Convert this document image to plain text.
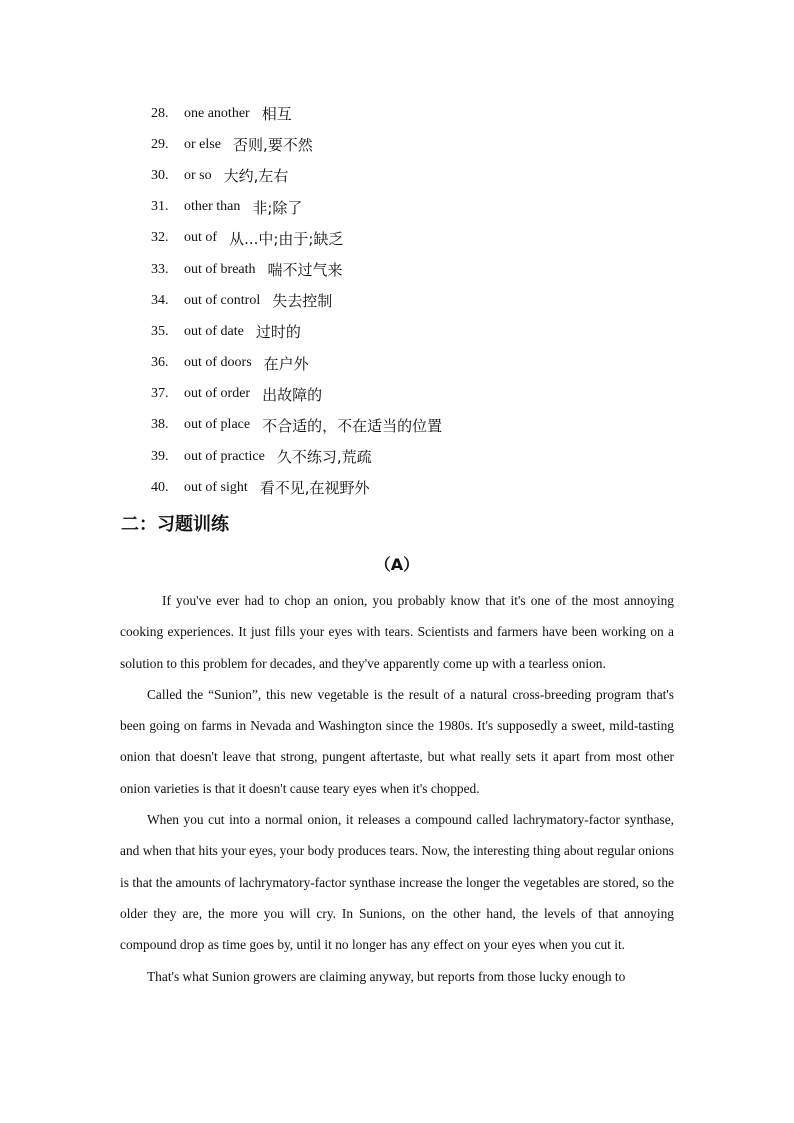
28.	one another 相互
29.	or else 否则,要不然
30.	or so 大约,左右
31.	other than 非;除了
32.	out of 从...中;由于;缺乏
33.	out of breath 喘不过气来
34.	out of control 失去控制
35.	out of date 过时的
36.	out of doors 在户外
37.	out of order 出故障的
38.	out of place 不合适的，不在适当的位置
39.	out of practice 久不练习,荒疏
40.	out of sight 看不见,在视野外
二：习题训练
（A）

If you've ever had to chop an onion, you probably know that it's one of the most annoying cooking experiences. It just fills your eyes with tears. Scientists and farmers have been working on a solution to this problem for decades, and they've apparently come up with a tearless onion.

Called the “Sunion”, this new vegetable is the result of a natural cross-breeding program that's been going on farms in Nevada and Washington since the 1980s. It's supposedly a sweet, mild-tasting onion that doesn't leave that strong, pungent aftertaste, but what really sets it apart from most other onion varieties is that it doesn't cause teary eyes when it's chopped.

When you cut into a normal onion, it releases a compound called lachrymatory-factor synthase, and when that hits your eyes, your body produces tears. Now, the interesting thing about regular onions is that the amounts of lachrymatory-factor synthase increase the longer the vegetables are stored, so the older they are, the more you will cry. In Sunions, on the other hand, the levels of that annoying compound drop as time goes by, until it no longer has any effect on your eyes when you cut it.

That's what Sunion growers are claiming anyway, but reports from those lucky enough to
